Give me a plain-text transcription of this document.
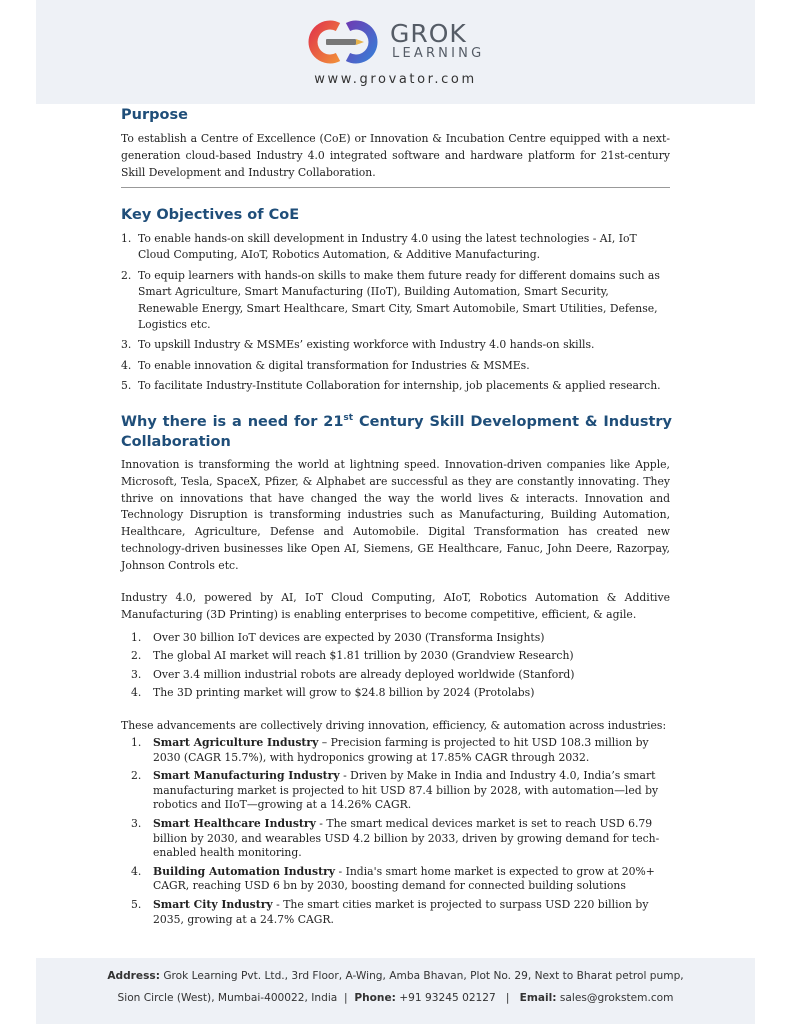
GROK
LEARNING
www.grovator.com
Purpose
To establish a Centre of Excellence (CoE) or Innovation & Incubation Centre equipped with a next-generation cloud-based Industry 4.0 integrated software and hardware platform for 21st-century Skill Development and Industry Collaboration.
Key Objectives of CoE
1. To enable hands-on skill development in Industry 4.0 using the latest technologies - AI, IoT Cloud Computing, AIoT, Robotics Automation, & Additive Manufacturing.
2. To equip learners with hands-on skills to make them future ready for different domains such as Smart Agriculture, Smart Manufacturing (IIoT), Building Automation, Smart Security, Renewable Energy, Smart Healthcare, Smart City, Smart Automobile, Smart Utilities, Defense, Logistics etc.
3. To upskill Industry & MSMEs’ existing workforce with Industry 4.0 hands-on skills.
4. To enable innovation & digital transformation for Industries & MSMEs.
5. To facilitate Industry-Institute Collaboration for internship, job placements & applied research.
Why there is a need for 21st Century Skill Development & Industry Collaboration
Innovation is transforming the world at lightning speed. Innovation-driven companies like Apple, Microsoft, Tesla, SpaceX, Pfizer, & Alphabet are successful as they are constantly innovating. They thrive on innovations that have changed the way the world lives & interacts. Innovation and Technology Disruption is transforming industries such as Manufacturing, Building Automation, Healthcare, Agriculture, Defense and Automobile. Digital Transformation has created new technology-driven businesses like Open AI, Siemens, GE Healthcare, Fanuc, John Deere, Razorpay, Johnson Controls etc.
Industry 4.0, powered by AI, IoT Cloud Computing, AIoT, Robotics Automation & Additive Manufacturing (3D Printing) is enabling enterprises to become competitive, efficient, & agile.
1. Over 30 billion IoT devices are expected by 2030 (Transforma Insights)
2. The global AI market will reach $1.81 trillion by 2030 (Grandview Research)
3. Over 3.4 million industrial robots are already deployed worldwide (Stanford)
4. The 3D printing market will grow to $24.8 billion by 2024 (Protolabs)
These advancements are collectively driving innovation, efficiency, & automation across industries:
1. Smart Agriculture Industry – Precision farming is projected to hit USD 108.3 million by 2030 (CAGR 15.7%), with hydroponics growing at 17.85% CAGR through 2032.
2. Smart Manufacturing Industry - Driven by Make in India and Industry 4.0, India’s smart manufacturing market is projected to hit USD 87.4 billion by 2028, with automation—led by robotics and IIoT—growing at a 14.26% CAGR.
3. Smart Healthcare Industry - The smart medical devices market is set to reach USD 6.79 billion by 2030, and wearables USD 4.2 billion by 2033, driven by growing demand for tech-enabled health monitoring.
4. Building Automation Industry - India's smart home market is expected to grow at 20%+ CAGR, reaching USD 6 bn by 2030, boosting demand for connected building solutions
5. Smart City Industry - The smart cities market is projected to surpass USD 220 billion by 2035, growing at a 24.7% CAGR.
Address: Grok Learning Pvt. Ltd., 3rd Floor, A-Wing, Amba Bhavan, Plot No. 29, Next to Bharat petrol pump,
Sion Circle (West), Mumbai-400022, India | Phone: +91 93245 02127 | Email: sales@grokstem.com
